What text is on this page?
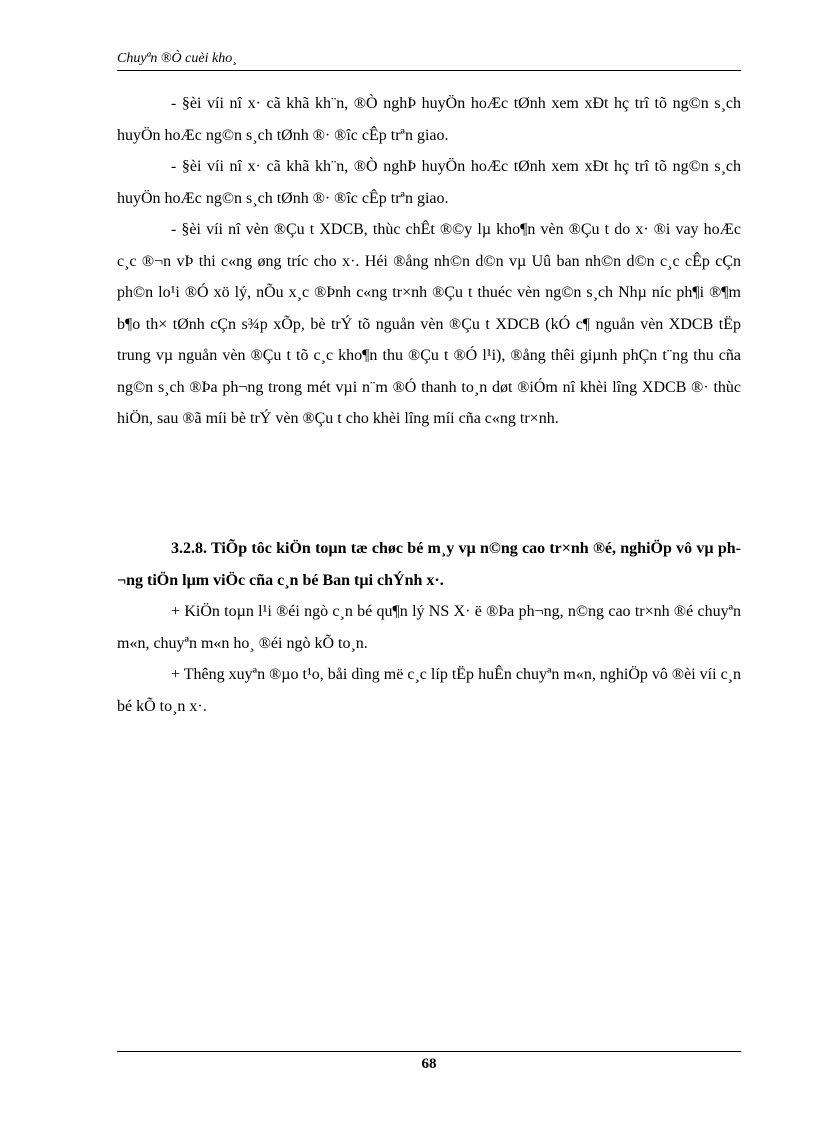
Chuyªn ®Ò cuèi kho¸

- §èi víi nî x· cã khã kh¨n, ®Ò nghÞ huyÖn hoÆc tØnh xem xÐt hç trî tõ ng©n s¸ch huyÖn hoÆc ng©n s¸ch tØnh ®· ®îc cÊp trªn giao.

- §èi víi nî x· cã khã kh¨n, ®Ò nghÞ huyÖn hoÆc tØnh xem xÐt hç trî tõ ng©n s¸ch huyÖn hoÆc ng©n s¸ch tØnh ®· ®îc cÊp trªn giao.

- §èi víi nî vèn ®Çu t XDCB, thùc chÊt ®©y lµ kho¶n vèn ®Çu t do x· ®i vay hoÆc c¸c ®¬n vÞ thi c«ng øng tríc cho x·. Héi ®ång nh©n d©n vµ Uû ban nh©n d©n c¸c cÊp cÇn ph©n lo¹i ®Ó xö lý, nÕu x¸c ®Þnh c«ng tr×nh ®Çu t thuéc vèn ng©n s¸ch Nhµ níc ph¶i ®¶m b¶o th× tØnh cÇn s¾p xÕp, bè trÝ tõ nguån vèn ®Çu t XDCB (kÓ c¶ nguån vèn XDCB tËp trung vµ nguån vèn ®Çu t tõ c¸c kho¶n thu ®Çu t ®Ó l¹i), ®ång thêi giµnh phÇn t¨ng thu cña ng©n s¸ch ®Þa ph¬ng trong mét vµi n¨m ®Ó thanh to¸n døt ®iÓm nî khèi lîng XDCB ®· thùc hiÖn, sau ®ã míi bè trÝ vèn ®Çu t cho khèi lîng míi cña c«ng tr×nh.

3.2.8. TiÕp tôc kiÖn toµn tæ chøc bé m¸y vµ n©ng cao tr×nh ®é, nghiÖp vô vµ ph¬ng tiÖn lµm viÖc cña c¸n bé Ban tµi chÝnh x·.

+ KiÖn toµn l¹i ®éi ngò c¸n bé qu¶n lý NS X· ë ®Þa ph¬ng, n©ng cao tr×nh ®é chuyªn m«n, chuyªn m«n ho¸ ®éi ngò kÕ to¸n.

+ Thêng xuyªn ®µo t¹o, båi dìng më c¸c líp tËp huÊn chuyªn m«n, nghiÖp vô ®èi víi c¸n bé kÕ to¸n x·.

68
